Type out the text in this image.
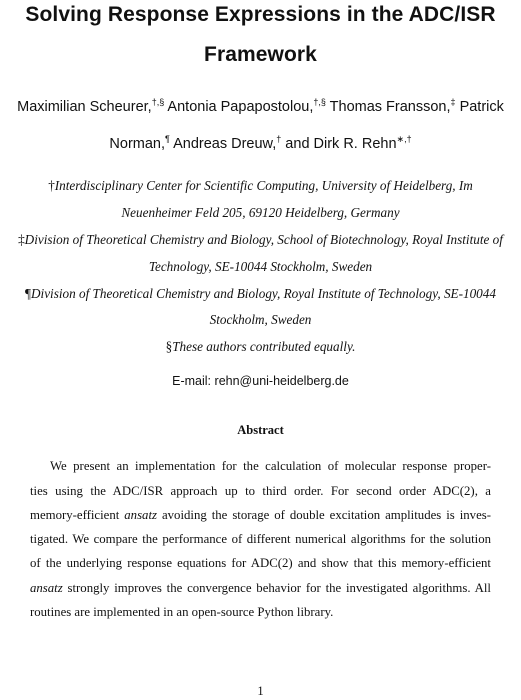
Solving Response Expressions in the ADC/ISR
Framework
Maximilian Scheurer,†,§ Antonia Papapostolou,†,§ Thomas Fransson,‡ Patrick
Norman,¶ Andreas Dreuw,† and Dirk R. Rehn∗,†
†Interdisciplinary Center for Scientific Computing, University of Heidelberg, Im
Neuenheimer Feld 205, 69120 Heidelberg, Germany
‡Division of Theoretical Chemistry and Biology, School of Biotechnology, Royal Institute of
Technology, SE-10044 Stockholm, Sweden
¶Division of Theoretical Chemistry and Biology, Royal Institute of Technology, SE-10044
Stockholm, Sweden
§These authors contributed equally.
E-mail: rehn@uni-heidelberg.de
Abstract
We present an implementation for the calculation of molecular response proper-
ties using the ADC/ISR approach up to third order. For second order ADC(2), a
memory-efficient ansatz avoiding the storage of double excitation amplitudes is inves-
tigated. We compare the performance of different numerical algorithms for the solution
of the underlying response equations for ADC(2) and show that this memory-efficient
ansatz strongly improves the convergence behavior for the investigated algorithms. All
routines are implemented in an open-source Python library.
1
